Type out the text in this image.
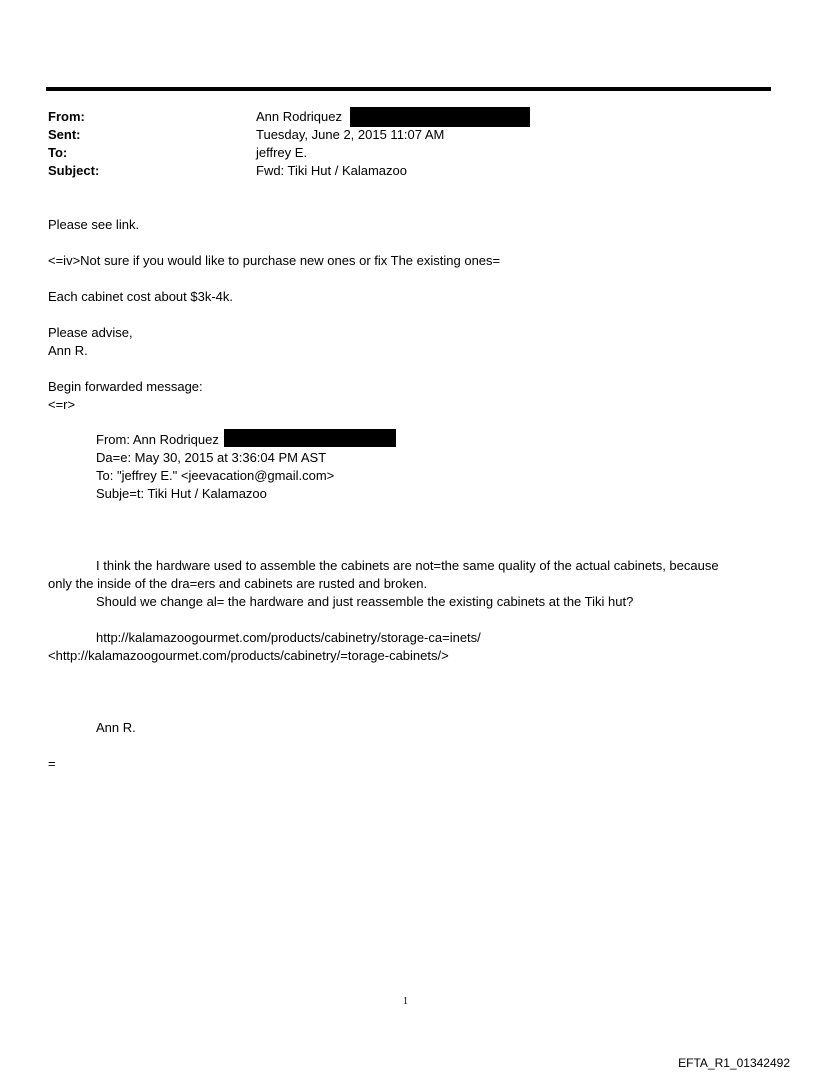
From:	Ann Rodriquez
Sent:	Tuesday, June 2, 2015 11:07 AM
To:	jeffrey E.
Subject:	Fwd: Tiki Hut / Kalamazoo
Please see link.
<=iv>Not sure if you would like to purchase new ones or fix The existing ones=
Each cabinet cost about $3k-4k.
Please advise,
Ann R.
Begin forwarded message:
<=r>
From: Ann Rodriquez
Da=e: May 30, 2015 at 3:36:04 PM AST
To: "jeffrey E." <jeevacation@gmail.com>
Subje=t: Tiki Hut / Kalamazoo
I think the hardware used to assemble the cabinets are not=the same quality of the actual cabinets, because
only the inside of the dra=ers and cabinets are rusted and broken.
Should we change al= the hardware and just reassemble the existing cabinets at the Tiki hut?
http://kalamazoogourmet.com/products/cabinetry/storage-ca=inets/
<http://kalamazoogourmet.com/products/cabinetry/=torage-cabinets/>
Ann R.
=
1
EFTA_R1_01342492
